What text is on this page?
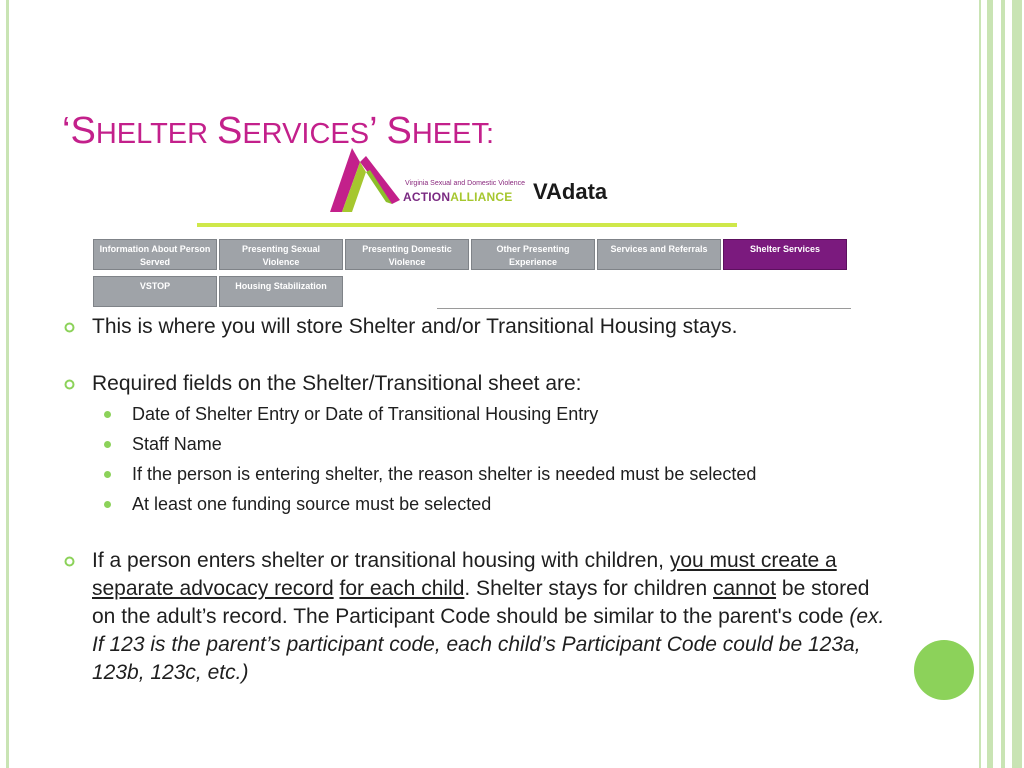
‘SHELTER SERVICES’ SHEET:
Virginia Sexual and Domestic Violence
ACTIONALLIANCE VAdata
Information About Person
Served
Presenting Sexual
Violence
Presenting Domestic
Violence
Other Presenting
Experience
Services and Referrals	Shelter Services
VSTOP	Housing Stabilization
This is where you will store Shelter and/or Transitional Housing stays.
Required fields on the Shelter/Transitional sheet are:
Date of Shelter Entry or Date of Transitional Housing Entry
Staff Name
If the person is entering shelter, the reason shelter is needed must be selected
At least one funding source must be selected
If a person enters shelter or transitional housing with children, you must create a separate advocacy record for each child. Shelter stays for children cannot be stored on the adult’s record. The Participant Code should be similar to the parent's code (ex. If 123 is the parent’s participant code, each child’s Participant Code could be 123a, 123b, 123c, etc.)
